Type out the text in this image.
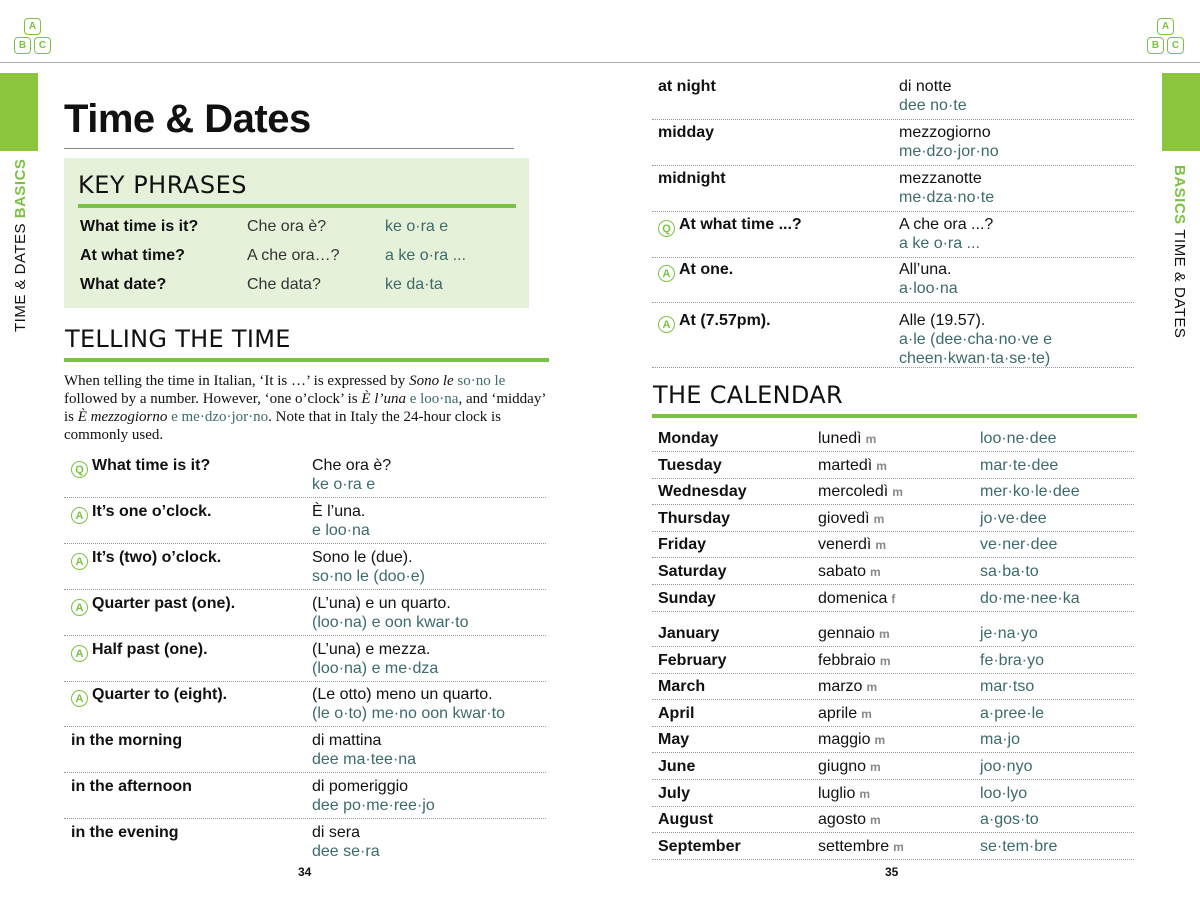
A
B	C
TIME & DATES BASICS
Time & Dates
KEY PHRASES
What time is it?	Che ora è?	ke o·ra e
At what time?	A che ora…?	a ke o·ra ...
What date?	Che data?	ke da·ta
TELLING THE TIME
When telling the time in Italian, ‘It is …’ is expressed by Sono le so·no le followed by a number. However, ‘one o’clock’ is È l’una e loo·na, and ‘midday’ is È mezzogiorno e me·dzo·jor·no. Note that in Italy the 24-hour clock is commonly used.
Q What time is it?	Che ora è?
ke o·ra e
A It’s one o’clock.	È l’una.
e loo·na
A It’s (two) o’clock.	Sono le (due).
so·no le (doo·e)
A Quarter past (one).	(L’una) e un quarto.
(loo·na) e oon kwar·to
A Half past (one).	(L’una) e mezza.
(loo·na) e me·dza
A Quarter to (eight).	(Le otto) meno un quarto.
(le o·to) me·no oon kwar·to
in the morning	di mattina
dee ma·tee·na
in the afternoon	di pomeriggio
dee po·me·ree·jo
in the evening	di sera
dee se·ra
34
A
B	C
BASICS TIME & DATES
at night	di notte
dee no·te
midday	mezzogiorno
me·dzo·jor·no
midnight	mezzanotte
me·dza·no·te
Q At what time ...?	A che ora ...?
a ke o·ra ...
A At one.	All’una.
a·loo·na
A At (7.57pm).	Alle (19.57).
a·le (dee·cha·no·ve e
cheen·kwan·ta·se·te)
THE CALENDAR
35
Monday	lunedì m	loo·ne·dee
Tuesday	martedì m	mar·te·dee
Wednesday	mercoledì m	mer·ko·le·dee
Thursday	giovedì m	jo·ve·dee
Friday	venerdì m	ve·ner·dee
Saturday	sabato m	sa·ba·to
Sunday	domenica f	do·me·nee·ka
January	gennaio m	je·na·yo
February	febbraio m	fe·bra·yo
March	marzo m	mar·tso
April	aprile m	a·pree·le
May	maggio m	ma·jo
June	giugno m	joo·nyo
July	luglio m	loo·lyo
August	agosto m	a·gos·to
September	settembre m	se·tem·bre
